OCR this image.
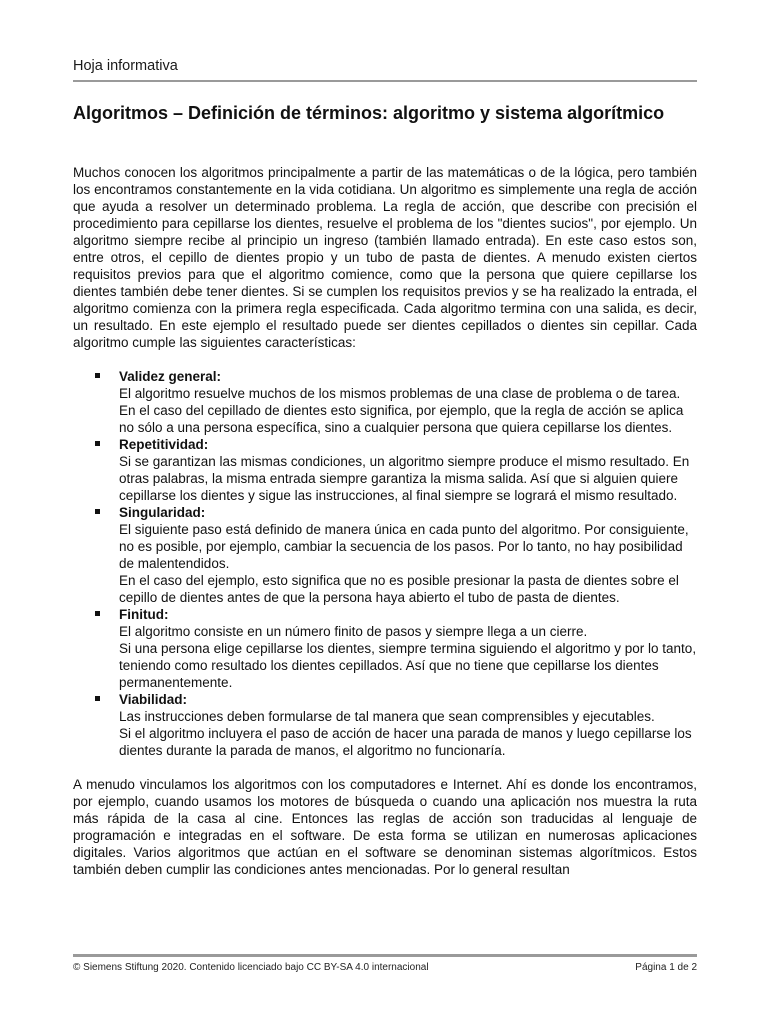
Hoja informativa
Algoritmos – Definición de términos: algoritmo y sistema algorítmico

Muchos conocen los algoritmos principalmente a partir de las matemáticas o de la lógica, pero también los encontramos constantemente en la vida cotidiana. Un algoritmo es simplemente una regla de acción que ayuda a resolver un determinado problema. La regla de acción, que describe con precisión el procedimiento para cepillarse los dientes, resuelve el problema de los "dientes sucios", por ejemplo. Un algoritmo siempre recibe al principio un ingreso (también llamado entrada). En este caso estos son, entre otros, el cepillo de dientes propio y un tubo de pasta de dientes. A menudo existen ciertos requisitos previos para que el algoritmo comience, como que la persona que quiere cepillarse los dientes también debe tener dientes. Si se cumplen los requisitos previos y se ha realizado la entrada, el algoritmo comienza con la primera regla especificada. Cada algoritmo termina con una salida, es decir, un resultado. En este ejemplo el resultado puede ser dientes cepillados o dientes sin cepillar. Cada algoritmo cumple las siguientes características:

Validez general:
El algoritmo resuelve muchos de los mismos problemas de una clase de problema o de tarea.
En el caso del cepillado de dientes esto significa, por ejemplo, que la regla de acción se aplica no sólo a una persona específica, sino a cualquier persona que quiera cepillarse los dientes.
Repetitividad:
Si se garantizan las mismas condiciones, un algoritmo siempre produce el mismo resultado. En otras palabras, la misma entrada siempre garantiza la misma salida. Así que si alguien quiere cepillarse los dientes y sigue las instrucciones, al final siempre se logrará el mismo resultado.
Singularidad:
El siguiente paso está definido de manera única en cada punto del algoritmo. Por consiguiente, no es posible, por ejemplo, cambiar la secuencia de los pasos. Por lo tanto, no hay posibilidad de malentendidos.
En el caso del ejemplo, esto significa que no es posible presionar la pasta de dientes sobre el cepillo de dientes antes de que la persona haya abierto el tubo de pasta de dientes.
Finitud:
El algoritmo consiste en un número finito de pasos y siempre llega a un cierre.
Si una persona elige cepillarse los dientes, siempre termina siguiendo el algoritmo y por lo tanto, teniendo como resultado los dientes cepillados. Así que no tiene que cepillarse los dientes permanentemente.
Viabilidad:
Las instrucciones deben formularse de tal manera que sean comprensibles y ejecutables.
Si el algoritmo incluyera el paso de acción de hacer una parada de manos y luego cepillarse los dientes durante la parada de manos, el algoritmo no funcionaría.

A menudo vinculamos los algoritmos con los computadores e Internet. Ahí es donde los encontramos, por ejemplo, cuando usamos los motores de búsqueda o cuando una aplicación nos muestra la ruta más rápida de la casa al cine. Entonces las reglas de acción son traducidas al lenguaje de programación e integradas en el software. De esta forma se utilizan en numerosas aplicaciones digitales. Varios algoritmos que actúan en el software se denominan sistemas algorítmicos. Estos también deben cumplir las condiciones antes mencionadas. Por lo general resultan

© Siemens Stiftung 2020. Contenido licenciado bajo CC BY-SA 4.0 internacional	Página 1 de 2
